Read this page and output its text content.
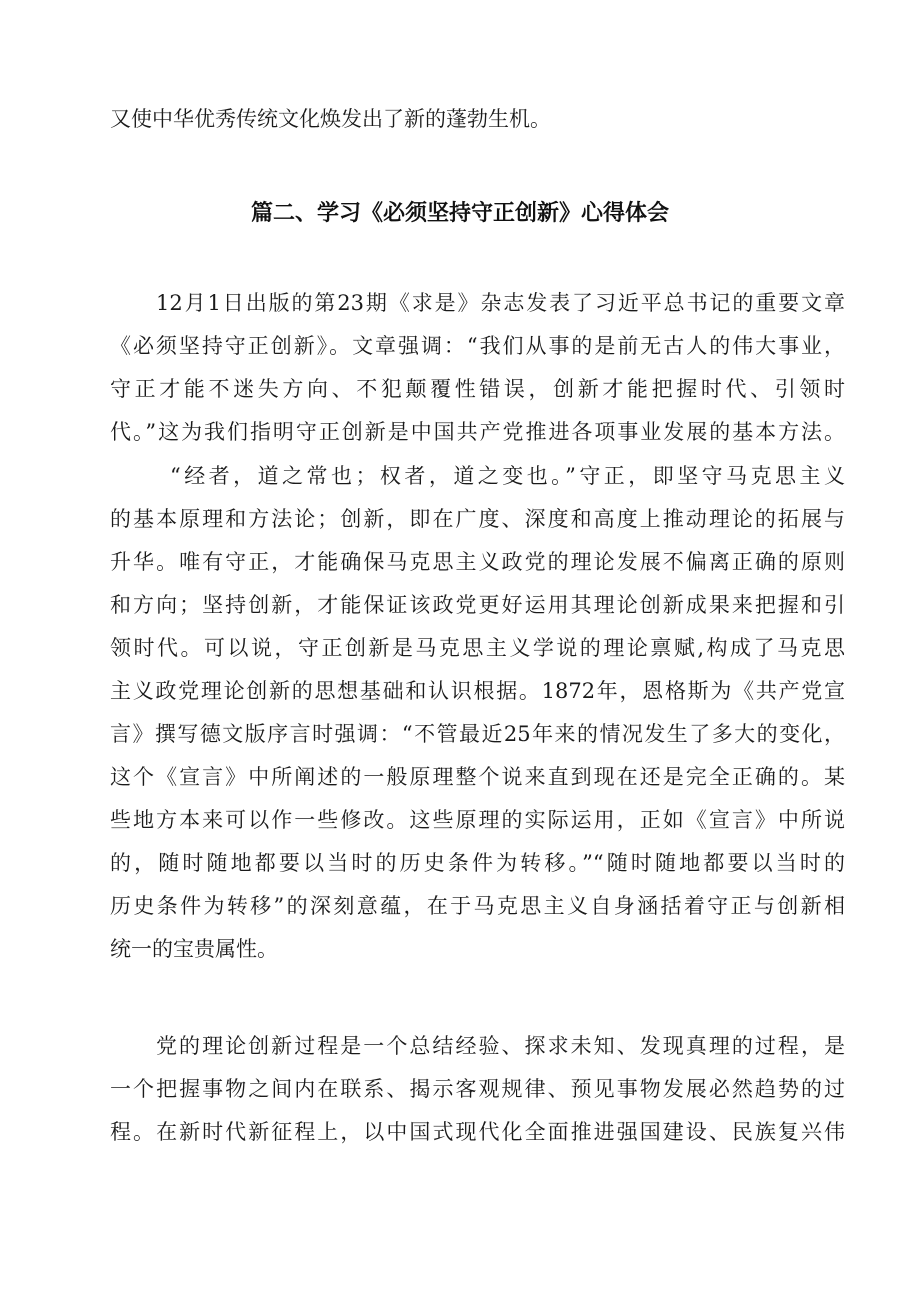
又使中华优秀传统文化焕发出了新的蓬勃生机。
篇二、学习《必须坚持守正创新》心得体会
12月1日出版的第23期《求是》杂志发表了习近平总书记的重要文章
《必须坚持守正创新》。文章强调：“我们从事的是前无古人的伟大事业，
守正才能不迷失方向、不犯颠覆性错误，创新才能把握时代、引领时
代。”这为我们指明守正创新是中国共产党推进各项事业发展的基本方法。
“经者，道之常也；权者，道之变也。”守正，即坚守马克思主义
的基本原理和方法论；创新，即在广度、深度和高度上推动理论的拓展与
升华。唯有守正，才能确保马克思主义政党的理论发展不偏离正确的原则
和方向；坚持创新，才能保证该政党更好运用其理论创新成果来把握和引
领时代。可以说，守正创新是马克思主义学说的理论禀赋,构成了马克思
主义政党理论创新的思想基础和认识根据。1872年，恩格斯为《共产党宣
言》撰写德文版序言时强调：“不管最近25年来的情况发生了多大的变化，
这个《宣言》中所阐述的一般原理整个说来直到现在还是完全正确的。某
些地方本来可以作一些修改。这些原理的实际运用，正如《宣言》中所说
的，随时随地都要以当时的历史条件为转移。”“随时随地都要以当时的
历史条件为转移”的深刻意蕴，在于马克思主义自身涵括着守正与创新相
统一的宝贵属性。
党的理论创新过程是一个总结经验、探求未知、发现真理的过程，是
一个把握事物之间内在联系、揭示客观规律、预见事物发展必然趋势的过
程。在新时代新征程上，以中国式现代化全面推进强国建设、民族复兴伟
